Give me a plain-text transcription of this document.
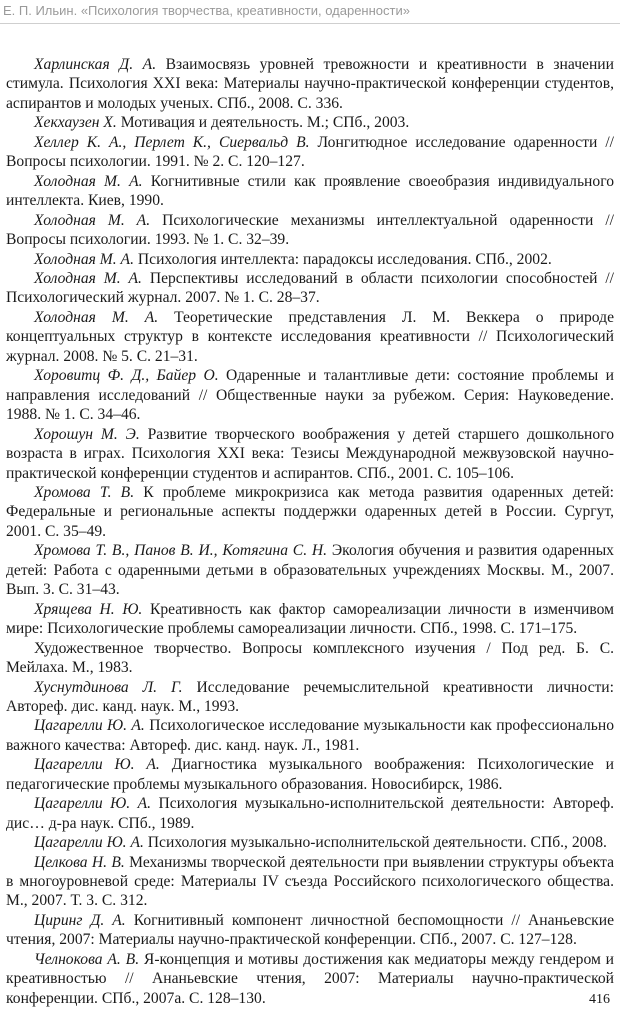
Е. П. Ильин. «Психология творчества, креативности, одаренности»

Харлинская Д. А. Взаимосвязь уровней тревожности и креативности в значении стимула. Психология XXI века: Материалы научно-практической конференции студентов, аспирантов и молодых ученых. СПб., 2008. С. 336.

Хекхаузен Х. Мотивация и деятельность. М.; СПб., 2003.

Хеллер К. А., Перлет К., Сиервальд В. Лонгитюдное исследование одаренности // Вопросы психологии. 1991. № 2. С. 120–127.

Холодная М. А. Когнитивные стили как проявление своеобразия индивидуального интеллекта. Киев, 1990.

Холодная М. А. Психологические механизмы интеллектуальной одаренности // Вопросы психологии. 1993. № 1. С. 32–39.

Холодная М. А. Психология интеллекта: парадоксы исследования. СПб., 2002.

Холодная М. А. Перспективы исследований в области психологии способностей // Психологический журнал. 2007. № 1. С. 28–37.

Холодная М. А. Теоретические представления Л. М. Веккера о природе концептуальных структур в контексте исследования креативности // Психологический журнал. 2008. № 5. С. 21–31.

Хоровитц Ф. Д., Байер О. Одаренные и талантливые дети: состояние проблемы и направления исследований // Общественные науки за рубежом. Серия: Науковедение. 1988. № 1. С. 34–46.

Хорошун М. Э. Развитие творческого воображения у детей старшего дошкольного возраста в играх. Психология XXI века: Тезисы Международной межвузовской научно-практической конференции студентов и аспирантов. СПб., 2001. С. 105–106.

Хромова Т. В. К проблеме микрокризиса как метода развития одаренных детей: Федеральные и региональные аспекты поддержки одаренных детей в России. Сургут, 2001. С. 35–49.

Хромова Т. В., Панов В. И., Котягина С. Н. Экология обучения и развития одаренных детей: Работа с одаренными детьми в образовательных учреждениях Москвы. М., 2007. Вып. 3. С. 31–43.

Хрящева Н. Ю. Креативность как фактор самореализации личности в изменчивом мире: Психологические проблемы самореализации личности. СПб., 1998. С. 171–175.

Художественное творчество. Вопросы комплексного изучения / Под ред. Б. С. Мейлаха. М., 1983.

Хуснутдинова Л. Г. Исследование речемыслительной креативности личности: Автореф. дис. канд. наук. М., 1993.

Цагарелли Ю. А. Психологическое исследование музыкальности как профессионально важного качества: Автореф. дис. канд. наук. Л., 1981.

Цагарелли Ю. А. Диагностика музыкального воображения: Психологические и педагогические проблемы музыкального образования. Новосибирск, 1986.

Цагарелли Ю. А. Психология музыкально-исполнительской деятельности: Автореф. дис… д-ра наук. СПб., 1989.

Цагарелли Ю. А. Психология музыкально-исполнительской деятельности. СПб., 2008.

Целкова Н. В. Механизмы творческой деятельности при выявлении структуры объекта в многоуровневой среде: Материалы IV съезда Российского психологического общества. М., 2007. Т. 3. С. 312.

Циринг Д. А. Когнитивный компонент личностной беспомощности // Ананьевские чтения, 2007: Материалы научно-практической конференции. СПб., 2007. С. 127–128.

Челнокова А. В. Я-концепция и мотивы достижения как медиаторы между гендером и креативностью // Ананьевские чтения, 2007: Материалы научно-практической конференции. СПб., 2007а. С. 128–130.	416
